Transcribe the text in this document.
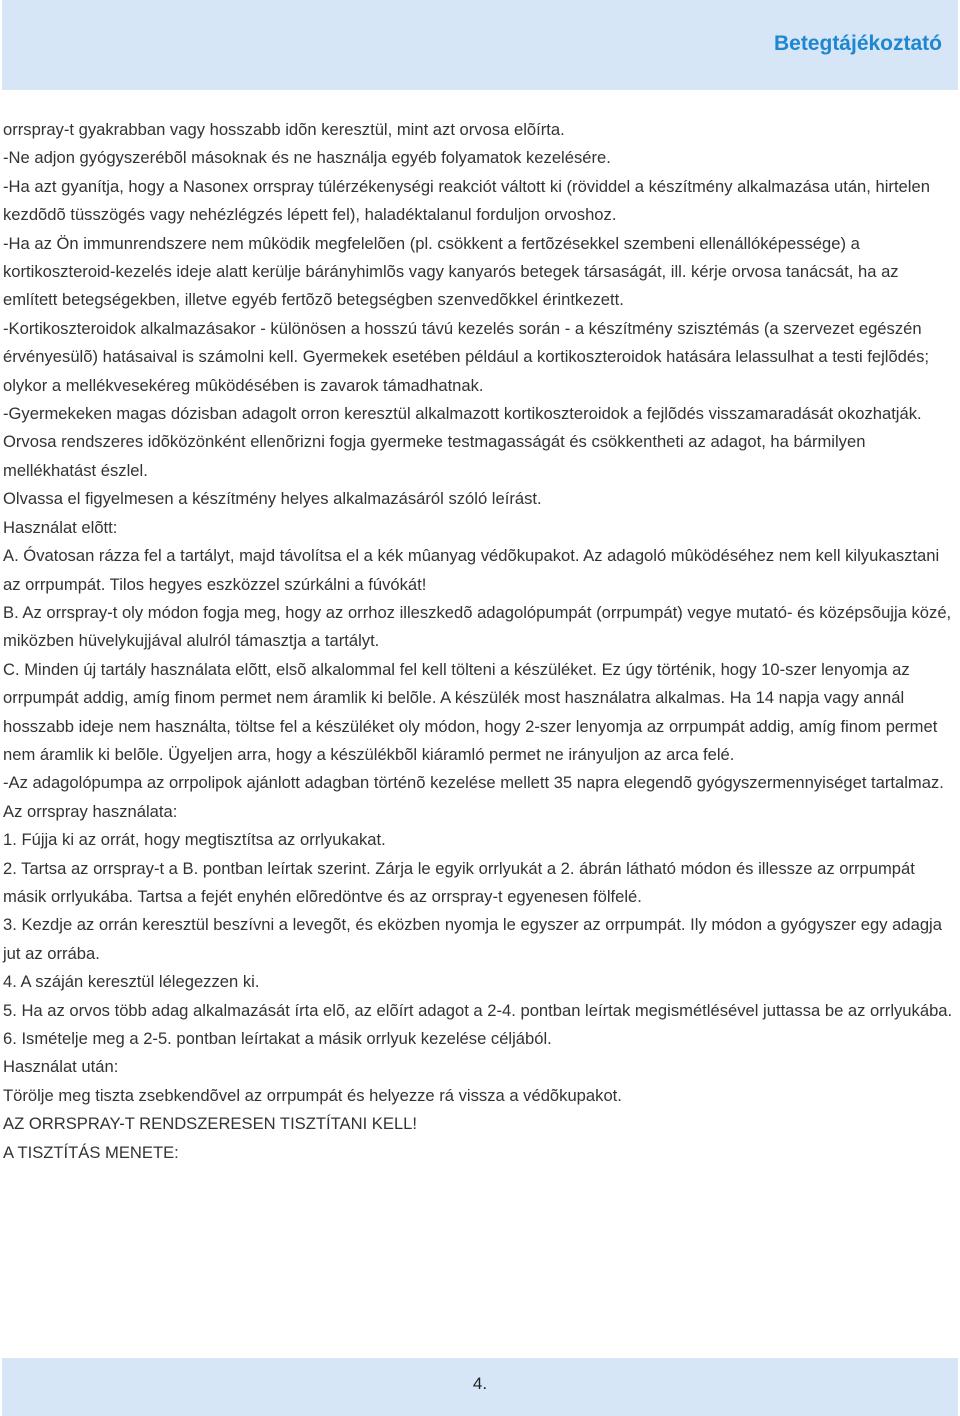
Betegtájékoztató

orrspray-t gyakrabban vagy hosszabb idõn keresztül, mint azt orvosa elõírta.

-Ne adjon gyógyszerébõl másoknak és ne használja egyéb folyamatok kezelésére.

-Ha azt gyanítja, hogy a Nasonex orrspray túlérzékenységi reakciót váltott ki (röviddel a készítmény alkalmazása után, hirtelen kezdõdõ tüsszögés vagy nehézlégzés lépett fel), haladéktalanul forduljon orvoshoz.

-Ha az Ön immunrendszere nem mûködik megfelelõen (pl. csökkent a fertõzésekkel szembeni ellenállóképessége) a kortikoszteroid-kezelés ideje alatt kerülje bárányhimlõs vagy kanyarós betegek társaságát, ill. kérje orvosa tanácsát, ha az említett betegségekben, illetve egyéb fertõzõ betegségben szenvedõkkel érintkezett.

-Kortikoszteroidok alkalmazásakor - különösen a hosszú távú kezelés során - a készítmény szisztémás (a szervezet egészén érvényesülõ) hatásaival is számolni kell. Gyermekek esetében például a kortikoszteroidok hatására lelassulhat a testi fejlõdés; olykor a mellékvesekéreg mûködésében is zavarok támadhatnak.

-Gyermekeken magas dózisban adagolt orron keresztül alkalmazott kortikoszteroidok a fejlõdés visszamaradását okozhatják. Orvosa rendszeres idõközönként ellenõrizni fogja gyermeke testmagasságát és csökkentheti az adagot, ha bármilyen mellékhatást észlel.

Olvassa el figyelmesen a készítmény helyes alkalmazásáról szóló leírást.

Használat elõtt:

A. Óvatosan rázza fel a tartályt, majd távolítsa el a kék mûanyag védõkupakot. Az adagoló mûködéséhez nem kell kilyukasztani az orrpumpát. Tilos hegyes eszközzel szúrkálni a fúvókát!

B. Az orrspray-t oly módon fogja meg, hogy az orrhoz illeszkedõ adagolópumpát (orrpumpát) vegye mutató- és középsõujja közé, miközben hüvelykujjával alulról támasztja a tartályt.

C. Minden új tartály használata elõtt, elsõ alkalommal fel kell tölteni a készüléket. Ez úgy történik, hogy 10-szer lenyomja az orrpumpát addig, amíg finom permet nem áramlik ki belõle. A készülék most használatra alkalmas. Ha 14 napja vagy annál hosszabb ideje nem használta, töltse fel a készüléket oly módon, hogy 2-szer lenyomja az orrpumpát addig, amíg finom permet nem áramlik ki belõle. Ügyeljen arra, hogy a készülékbõl kiáramló permet ne irányuljon az arca felé.

-Az adagolópumpa az orrpolipok ajánlott adagban történõ kezelése mellett 35 napra elegendõ gyógyszermennyiséget tartalmaz.

Az orrspray használata:

1. Fújja ki az orrát, hogy megtisztítsa az orrlyukakat.

2. Tartsa az orrspray-t a B. pontban leírtak szerint. Zárja le egyik orrlyukát a 2. ábrán látható módon és illessze az orrpumpát másik orrlyukába. Tartsa a fejét enyhén elõredöntve és az orrspray-t egyenesen fölfelé.

3. Kezdje az orrán keresztül beszívni a levegõt, és eközben nyomja le egyszer az orrpumpát. Ily módon a gyógyszer egy adagja jut az orrába.

4. A száján keresztül lélegezzen ki.

5. Ha az orvos több adag alkalmazását írta elõ, az elõírt adagot a 2-4. pontban leírtak megismétlésével juttassa be az orrlyukába.

6. Ismételje meg a 2-5. pontban leírtakat a másik orrlyuk kezelése céljából.

Használat után:

Törölje meg tiszta zsebkendõvel az orrpumpát és helyezze rá vissza a védõkupakot.

AZ ORRSPRAY-T RENDSZERESEN TISZTÍTANI KELL!

A TISZTÍTÁS MENETE:

4.
